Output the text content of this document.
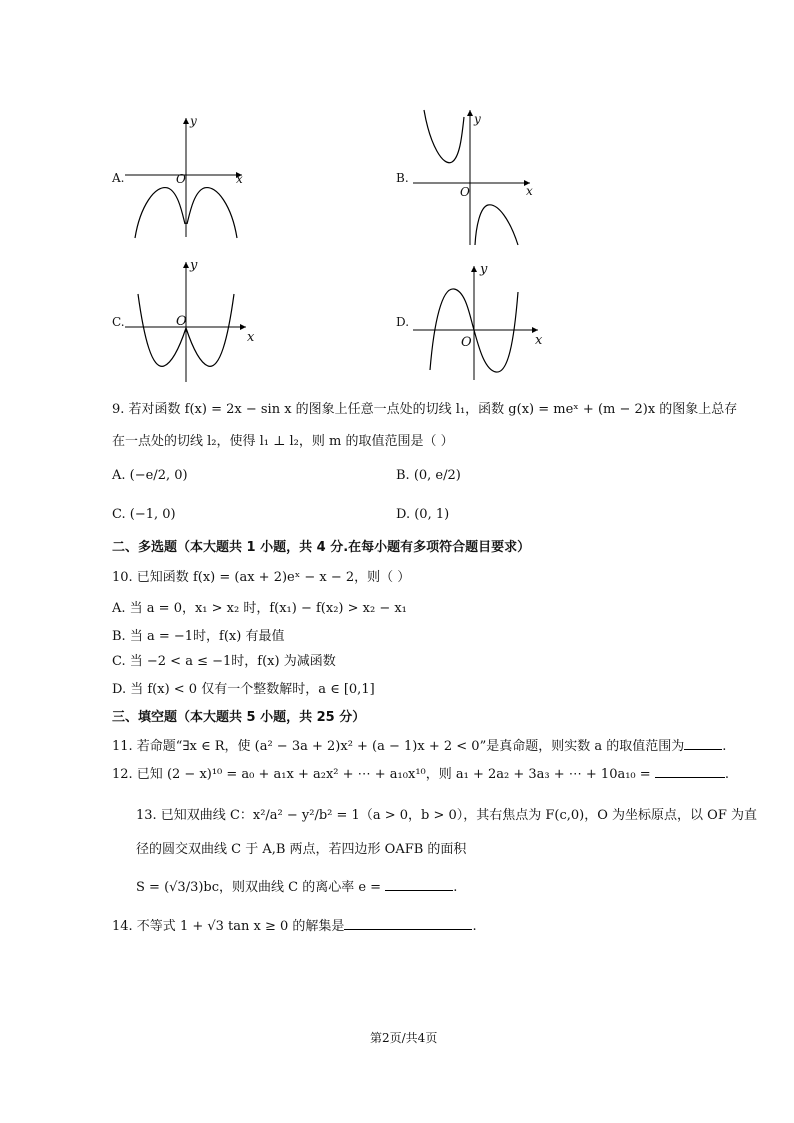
A.	O	x
y
B.
O	x
y
C.	O
x
y
D.
O	x
y
9. 若对函数 f(x) = 2x − sin x 的图象上任意一点处的切线 l₁，函数 g(x) = meˣ + (m − 2)x 的图象上总存
在一点处的切线 l₂，使得 l₁ ⊥ l₂，则 m 的取值范围是（ ）
A. (−e/2, 0)	B. (0, e/2)
C. (−1, 0)	D. (0, 1)
二、多选题（本大题共 1 小题，共 4 分.在每小题有多项符合题目要求）
10. 已知函数 f(x) = (ax + 2)eˣ − x − 2，则（ ）
A. 当 a = 0，x₁ > x₂ 时，f(x₁) − f(x₂) > x₂ − x₁
B. 当 a = −1时，f(x) 有最值
C. 当 −2 < a ≤ −1时，f(x) 为减函数
D. 当 f(x) < 0 仅有一个整数解时，a ∈ [0,1]
三、填空题（本大题共 5 小题，共 25 分）
11. 若命题“∃x ∈ R，使 (a² − 3a + 2)x² + (a − 1)x + 2 < 0”是真命题，则实数 a 的取值范围为	.
12. 已知 (2 − x)¹⁰ = a₀ + a₁x + a₂x² + ⋯ + a₁₀x¹⁰，则 a₁ + 2a₂ + 3a₃ + ⋯ + 10a₁₀ =	.
13. 已知双曲线 C：x²/a² − y²/b² = 1（a > 0，b > 0），其右焦点为 F(c,0)，O 为坐标原点，以 OF 为直
径的圆交双曲线 C 于 A,B 两点，若四边形 OAFB 的面积
S = (√3/3)bc，则双曲线 C 的离心率 e =	.
14. 不等式 1 + √3 tan x ≥ 0 的解集是	.
第2页/共4页
